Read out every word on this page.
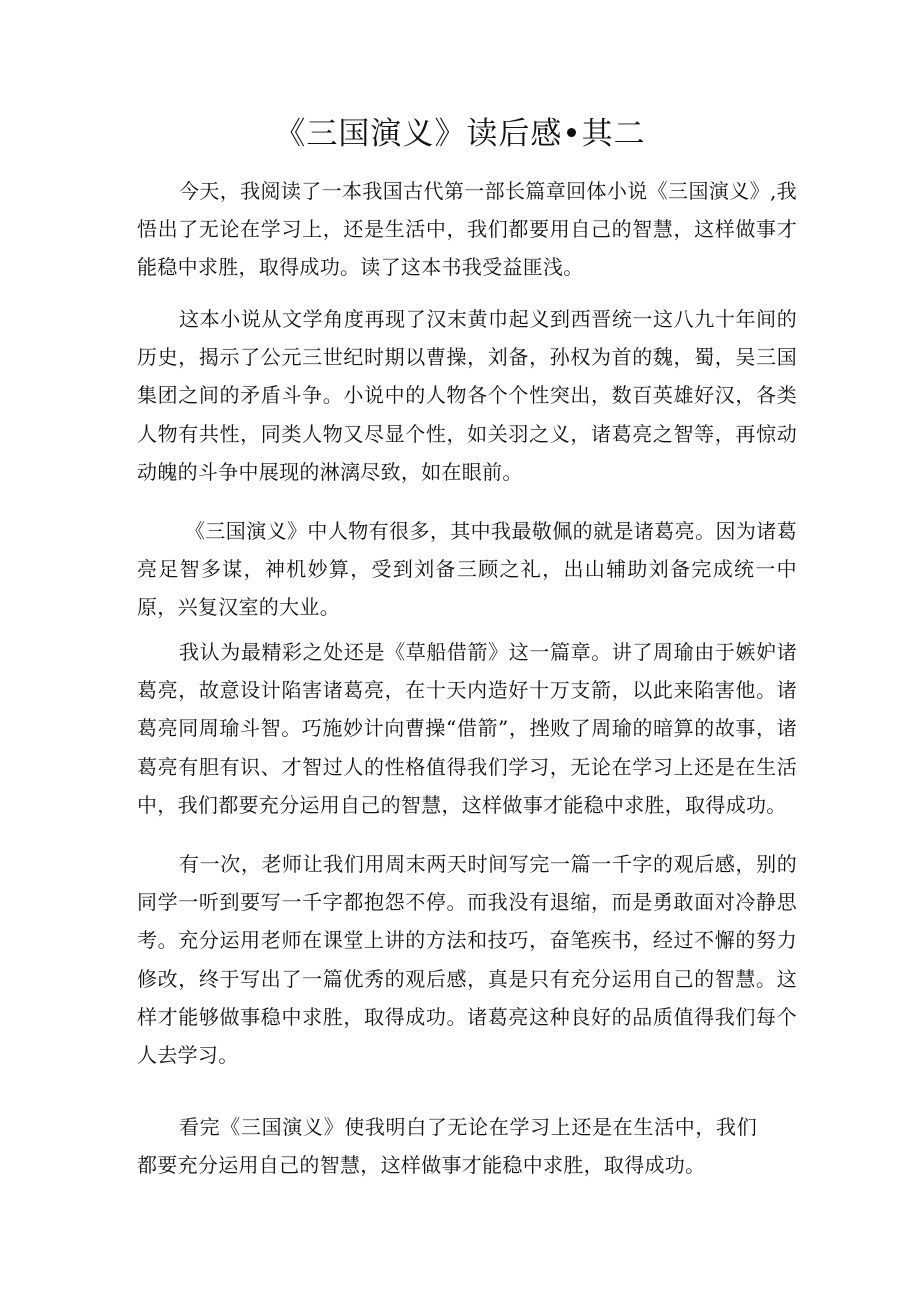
《三国演义》读后感•其二

今天，我阅读了一本我国古代第一部长篇章回体小说《三国演义》,我悟出了无论在学习上，还是生活中，我们都要用自己的智慧，这样做事才能稳中求胜，取得成功。读了这本书我受益匪浅。

这本小说从文学角度再现了汉末黄巾起义到西晋统一这八九十年间的历史，揭示了公元三世纪时期以曹操，刘备，孙权为首的魏，蜀，吴三国集团之间的矛盾斗争。小说中的人物各个个性突出，数百英雄好汉，各类人物有共性，同类人物又尽显个性，如关羽之义，诸葛亮之智等，再惊动动魄的斗争中展现的淋漓尽致，如在眼前。

《三国演义》中人物有很多，其中我最敬佩的就是诸葛亮。因为诸葛亮足智多谋，神机妙算，受到刘备三顾之礼，出山辅助刘备完成统一中原，兴复汉室的大业。

我认为最精彩之处还是《草船借箭》这一篇章。讲了周瑜由于嫉妒诸葛亮，故意设计陷害诸葛亮，在十天内造好十万支箭，以此来陷害他。诸葛亮同周瑜斗智。巧施妙计向曹操“借箭”，挫败了周瑜的暗算的故事，诸葛亮有胆有识、才智过人的性格值得我们学习，无论在学习上还是在生活中，我们都要充分运用自己的智慧，这样做事才能稳中求胜，取得成功。

有一次，老师让我们用周末两天时间写完一篇一千字的观后感，别的同学一听到要写一千字都抱怨不停。而我没有退缩，而是勇敢面对冷静思考。充分运用老师在课堂上讲的方法和技巧，奋笔疾书，经过不懈的努力修改，终于写出了一篇优秀的观后感，真是只有充分运用自己的智慧。这样才能够做事稳中求胜，取得成功。诸葛亮这种良好的品质值得我们每个人去学习。

看完《三国演义》使我明白了无论在学习上还是在生活中，我们都要充分运用自己的智慧，这样做事才能稳中求胜，取得成功。
